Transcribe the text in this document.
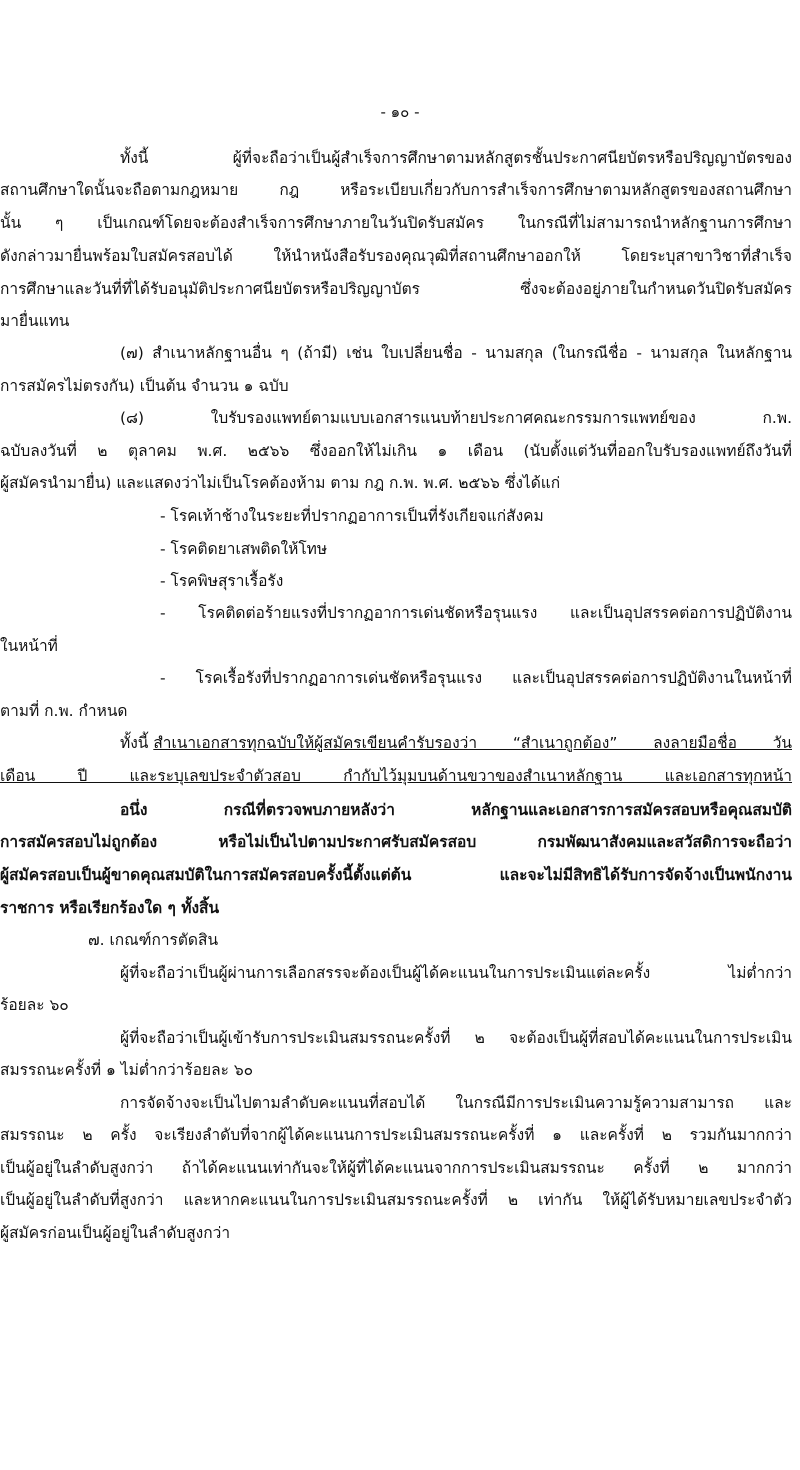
- ๑๐ -
ทั้งนี้ ผู้ที่จะถือว่าเป็นผู้สำเร็จการศึกษาตามหลักสูตรชั้นประกาศนียบัตรหรือปริญญาบัตรของ
สถานศึกษาใดนั้นจะถือตามกฎหมาย กฎ หรือระเบียบเกี่ยวกับการสำเร็จการศึกษาตามหลักสูตรของสถานศึกษา
นั้น ๆ เป็นเกณฑ์โดยจะต้องสำเร็จการศึกษาภายในวันปิดรับสมัคร ในกรณีที่ไม่สามารถนำหลักฐานการศึกษา
ดังกล่าวมายื่นพร้อมใบสมัครสอบได้ ให้นำหนังสือรับรองคุณวุฒิที่สถานศึกษาออกให้ โดยระบุสาขาวิชาที่สำเร็จ
การศึกษาและวันที่ที่ได้รับอนุมัติประกาศนียบัตรหรือปริญญาบัตร ซึ่งจะต้องอยู่ภายในกำหนดวันปิดรับสมัคร
มายื่นแทน
(๗) สำเนาหลักฐานอื่น ๆ (ถ้ามี) เช่น ใบเปลี่ยนชื่อ - นามสกุล (ในกรณีชื่อ - นามสกุล ในหลักฐาน
การสมัครไม่ตรงกัน) เป็นต้น จำนวน ๑ ฉบับ
(๘) ใบรับรองแพทย์ตามแบบเอกสารแนบท้ายประกาศคณะกรรมการแพทย์ของ ก.พ.
ฉบับลงวันที่ ๒ ตุลาคม พ.ศ. ๒๕๖๖ ซึ่งออกให้ไม่เกิน ๑ เดือน (นับตั้งแต่วันที่ออกใบรับรองแพทย์ถึงวันที่
ผู้สมัครนำมายื่น) และแสดงว่าไม่เป็นโรคต้องห้าม ตาม กฎ ก.พ. พ.ศ. ๒๕๖๖ ซึ่งได้แก่
- โรคเท้าช้างในระยะที่ปรากฏอาการเป็นที่รังเกียจแก่สังคม
- โรคติดยาเสพติดให้โทษ
- โรคพิษสุราเรื้อรัง
- โรคติดต่อร้ายแรงที่ปรากฏอาการเด่นชัดหรือรุนแรง และเป็นอุปสรรคต่อการปฏิบัติงาน
ในหน้าที่
- โรคเรื้อรังที่ปรากฏอาการเด่นชัดหรือรุนแรง และเป็นอุปสรรคต่อการปฏิบัติงานในหน้าที่
ตามที่ ก.พ. กำหนด
ทั้งนี้ สำเนาเอกสารทุกฉบับให้ผู้สมัครเขียนคำรับรองว่า “สำเนาถูกต้อง” ลงลายมือชื่อ วัน
เดือน ปี และระบุเลขประจำตัวสอบ กำกับไว้มุมบนด้านขวาของสำเนาหลักฐาน และเอกสารทุกหน้า
อนึ่ง กรณีที่ตรวจพบภายหลังว่า หลักฐานและเอกสารการสมัครสอบหรือคุณสมบัติ
การสมัครสอบไม่ถูกต้อง หรือไม่เป็นไปตามประกาศรับสมัครสอบ กรมพัฒนาสังคมและสวัสดิการจะถือว่า
ผู้สมัครสอบเป็นผู้ขาดคุณสมบัติในการสมัครสอบครั้งนี้ตั้งแต่ต้น และจะไม่มีสิทธิได้รับการจัดจ้างเป็นพนักงาน
ราชการ หรือเรียกร้องใด ๆ ทั้งสิ้น
๗. เกณฑ์การตัดสิน
ผู้ที่จะถือว่าเป็นผู้ผ่านการเลือกสรรจะต้องเป็นผู้ได้คะแนนในการประเมินแต่ละครั้ง ไม่ต่ำกว่า
ร้อยละ ๖๐
ผู้ที่จะถือว่าเป็นผู้เข้ารับการประเมินสมรรถนะครั้งที่ ๒ จะต้องเป็นผู้ที่สอบได้คะแนนในการประเมิน
สมรรถนะครั้งที่ ๑ ไม่ต่ำกว่าร้อยละ ๖๐
การจัดจ้างจะเป็นไปตามลำดับคะแนนที่สอบได้ ในกรณีมีการประเมินความรู้ความสามารถ และ
สมรรถนะ ๒ ครั้ง จะเรียงลำดับที่จากผู้ได้คะแนนการประเมินสมรรถนะครั้งที่ ๑ และครั้งที่ ๒ รวมกันมากกว่า
เป็นผู้อยู่ในลำดับสูงกว่า ถ้าได้คะแนนเท่ากันจะให้ผู้ที่ได้คะแนนจากการประเมินสมรรถนะ ครั้งที่ ๒ มากกว่า
เป็นผู้อยู่ในลำดับที่สูงกว่า และหากคะแนนในการประเมินสมรรถนะครั้งที่ ๒ เท่ากัน ให้ผู้ได้รับหมายเลขประจำตัว
ผู้สมัครก่อนเป็นผู้อยู่ในลำดับสูงกว่า
